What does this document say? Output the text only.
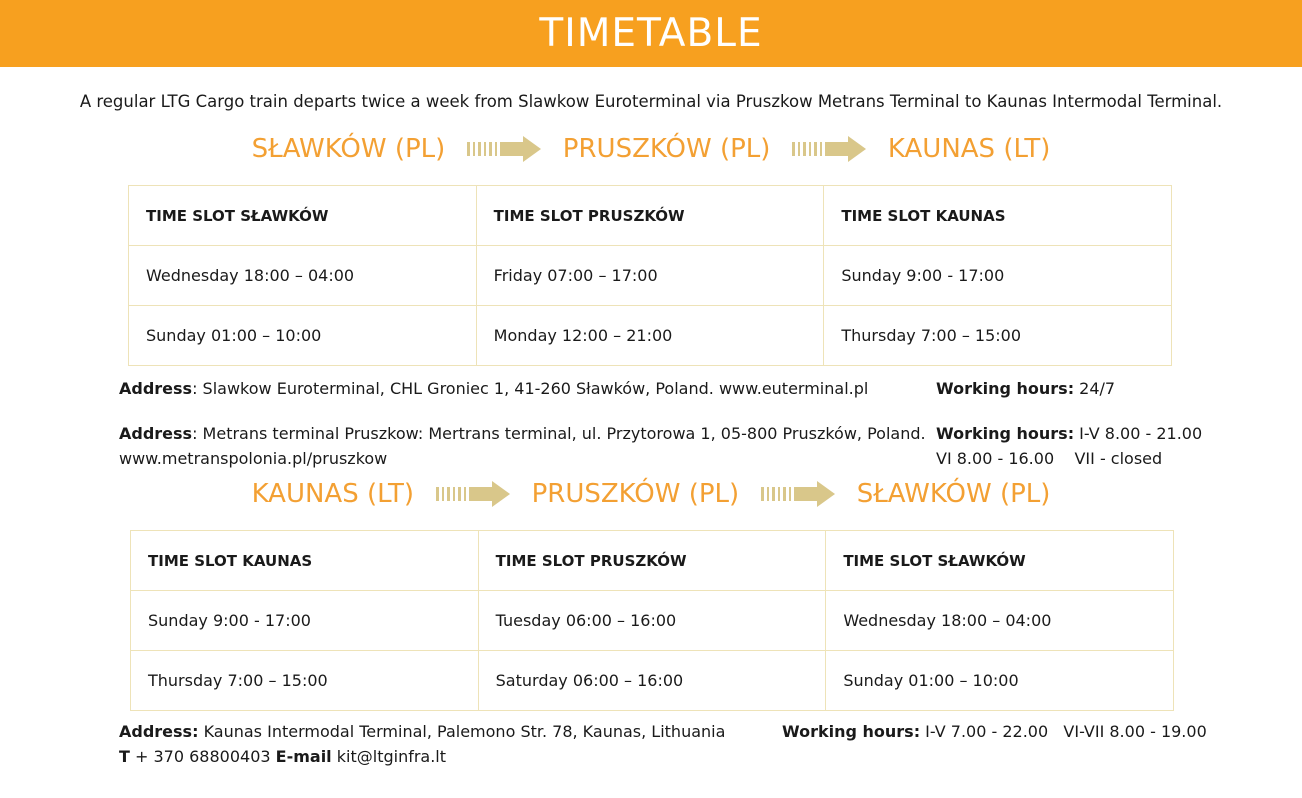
TIMETABLE

A regular LTG Cargo train departs twice a week from Slawkow Euroterminal via Pruszkow Metrans Terminal to Kaunas Intermodal Terminal.

SŁAWKÓW (PL)	PRUSZKÓW (PL)	KAUNAS (LT)
TIME SLOT SŁAWKÓW	TIME SLOT PRUSZKÓW	TIME SLOT KAUNAS
Wednesday 18:00 – 04:00	Friday 07:00 – 17:00	Sunday 9:00 - 17:00
Sunday 01:00 – 10:00	Monday 12:00 – 21:00	Thursday 7:00 – 15:00
Address: Slawkow Euroterminal, CHL Groniec 1, 41-260 Sławków, Poland. www.euterminal.pl	Working hours: 24/7
Address: Metrans terminal Pruszkow: Mertrans terminal, ul. Przytorowa 1, 05-800 Pruszków, Poland.
www.metranspolonia.pl/pruszkow
Working hours: I-V 8.00 - 21.00
VI 8.00 - 16.00    VII - closed
KAUNAS (LT)	PRUSZKÓW (PL)	SŁAWKÓW (PL)
TIME SLOT KAUNAS	TIME SLOT PRUSZKÓW	TIME SLOT SŁAWKÓW
Sunday 9:00 - 17:00	Tuesday 06:00 – 16:00	Wednesday 18:00 – 04:00
Thursday 7:00 – 15:00	Saturday 06:00 – 16:00	Sunday 01:00 – 10:00
Address: Kaunas Intermodal Terminal, Palemono Str. 78, Kaunas, Lithuania
T + 370 68800403 E-mail kit@ltginfra.lt
Working hours: I-V 7.00 - 22.00   VI-VII 8.00 - 19.00
